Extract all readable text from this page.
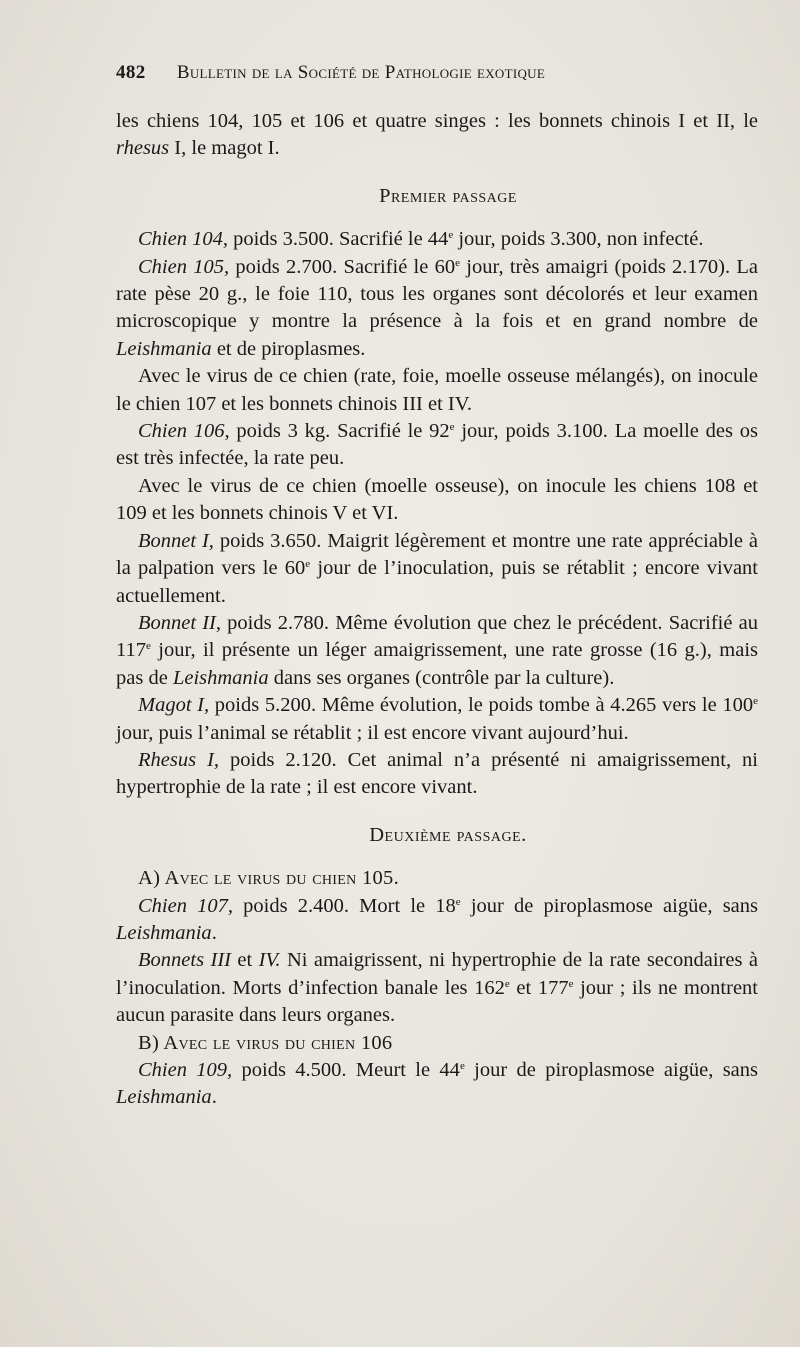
482 Bulletin de la Société de Pathologie exotique

les chiens 104, 105 et 106 et quatre singes : les bonnets chinois I et II, le rhesus I, le magot I.

Premier passage

Chien 104, poids 3.500. Sacrifié le 44e jour, poids 3.300, non infecté.

Chien 105, poids 2.700. Sacrifié le 60e jour, très amaigri (poids 2.170). La rate pèse 20 g., le foie 110, tous les organes sont décolorés et leur examen microscopique y montre la présence à la fois et en grand nombre de Leishmania et de piroplasmes.

Avec le virus de ce chien (rate, foie, moelle osseuse mélangés), on inocule le chien 107 et les bonnets chinois III et IV.

Chien 106, poids 3 kg. Sacrifié le 92e jour, poids 3.100. La moelle des os est très infectée, la rate peu.

Avec le virus de ce chien (moelle osseuse), on inocule les chiens 108 et 109 et les bonnets chinois V et VI.

Bonnet I, poids 3.650. Maigrit légèrement et montre une rate appréciable à la palpation vers le 60e jour de l’inoculation, puis se rétablit ; encore vivant actuellement.

Bonnet II, poids 2.780. Même évolution que chez le précédent. Sacrifié au 117e jour, il présente un léger amaigrissement, une rate grosse (16 g.), mais pas de Leishmania dans ses organes (contrôle par la culture).

Magot I, poids 5.200. Même évolution, le poids tombe à 4.265 vers le 100e jour, puis l’animal se rétablit ; il est encore vivant aujourd’hui.

Rhesus I, poids 2.120. Cet animal n’a présenté ni amaigrissement, ni hypertrophie de la rate ; il est encore vivant.

Deuxième passage.

A) Avec le virus du chien 105.

Chien 107, poids 2.400. Mort le 18e jour de piroplasmose aigüe, sans Leishmania.

Bonnets III et IV. Ni amaigrissent, ni hypertrophie de la rate secondaires à l’inoculation. Morts d’infection banale les 162e et 177e jour ; ils ne montrent aucun parasite dans leurs organes.

B) Avec le virus du chien 106

Chien 109, poids 4.500. Meurt le 44e jour de piroplasmose aigüe, sans Leishmania.
